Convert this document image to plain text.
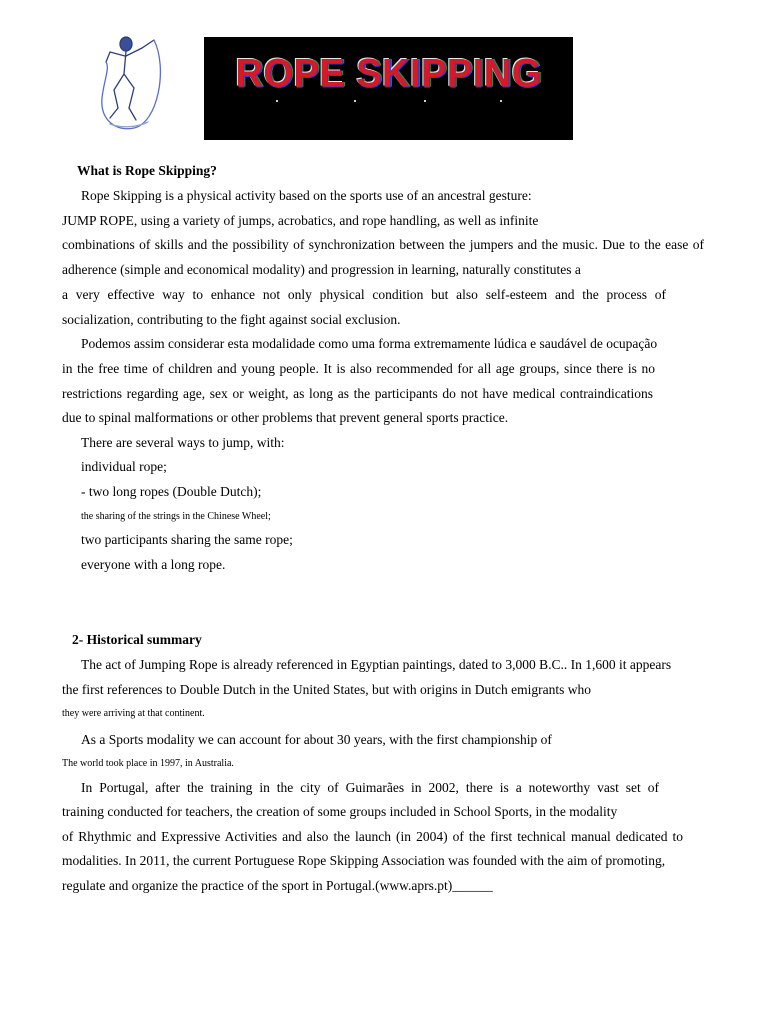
ROPE SKIPPING
What is Rope Skipping?
Rope Skipping is a physical activity based on the sports use of an ancestral gesture:
JUMP ROPE, using a variety of jumps, acrobatics, and rope handling, as well as infinite
combinations of skills and the possibility of synchronization between the jumpers and the music. Due to the ease of
adherence (simple and economical modality) and progression in learning, naturally constitutes a
a very effective way to enhance not only physical condition but also self-esteem and the process of
socialization, contributing to the fight against social exclusion.
Podemos assim considerar esta modalidade como uma forma extremamente lúdica e saudável de ocupação
in the free time of children and young people. It is also recommended for all age groups, since there is no
restrictions regarding age, sex or weight, as long as the participants do not have medical contraindications
due to spinal malformations or other problems that prevent general sports practice.
There are several ways to jump, with:
individual rope;
- two long ropes (Double Dutch);
the sharing of the strings in the Chinese Wheel;
two participants sharing the same rope;
everyone with a long rope.
2- Historical summary
The act of Jumping Rope is already referenced in Egyptian paintings, dated to 3,000 B.C.. In 1,600 it appears
the first references to Double Dutch in the United States, but with origins in Dutch emigrants who
they were arriving at that continent.
As a Sports modality we can account for about 30 years, with the first championship of
The world took place in 1997, in Australia.
In Portugal, after the training in the city of Guimarães in 2002, there is a noteworthy vast set of
training conducted for teachers, the creation of some groups included in School Sports, in the modality
of Rhythmic and Expressive Activities and also the launch (in 2004) of the first technical manual dedicated to
modalities. In 2011, the current Portuguese Rope Skipping Association was founded with the aim of promoting,
regulate and organize the practice of the sport in Portugal.(www.aprs.pt)______
